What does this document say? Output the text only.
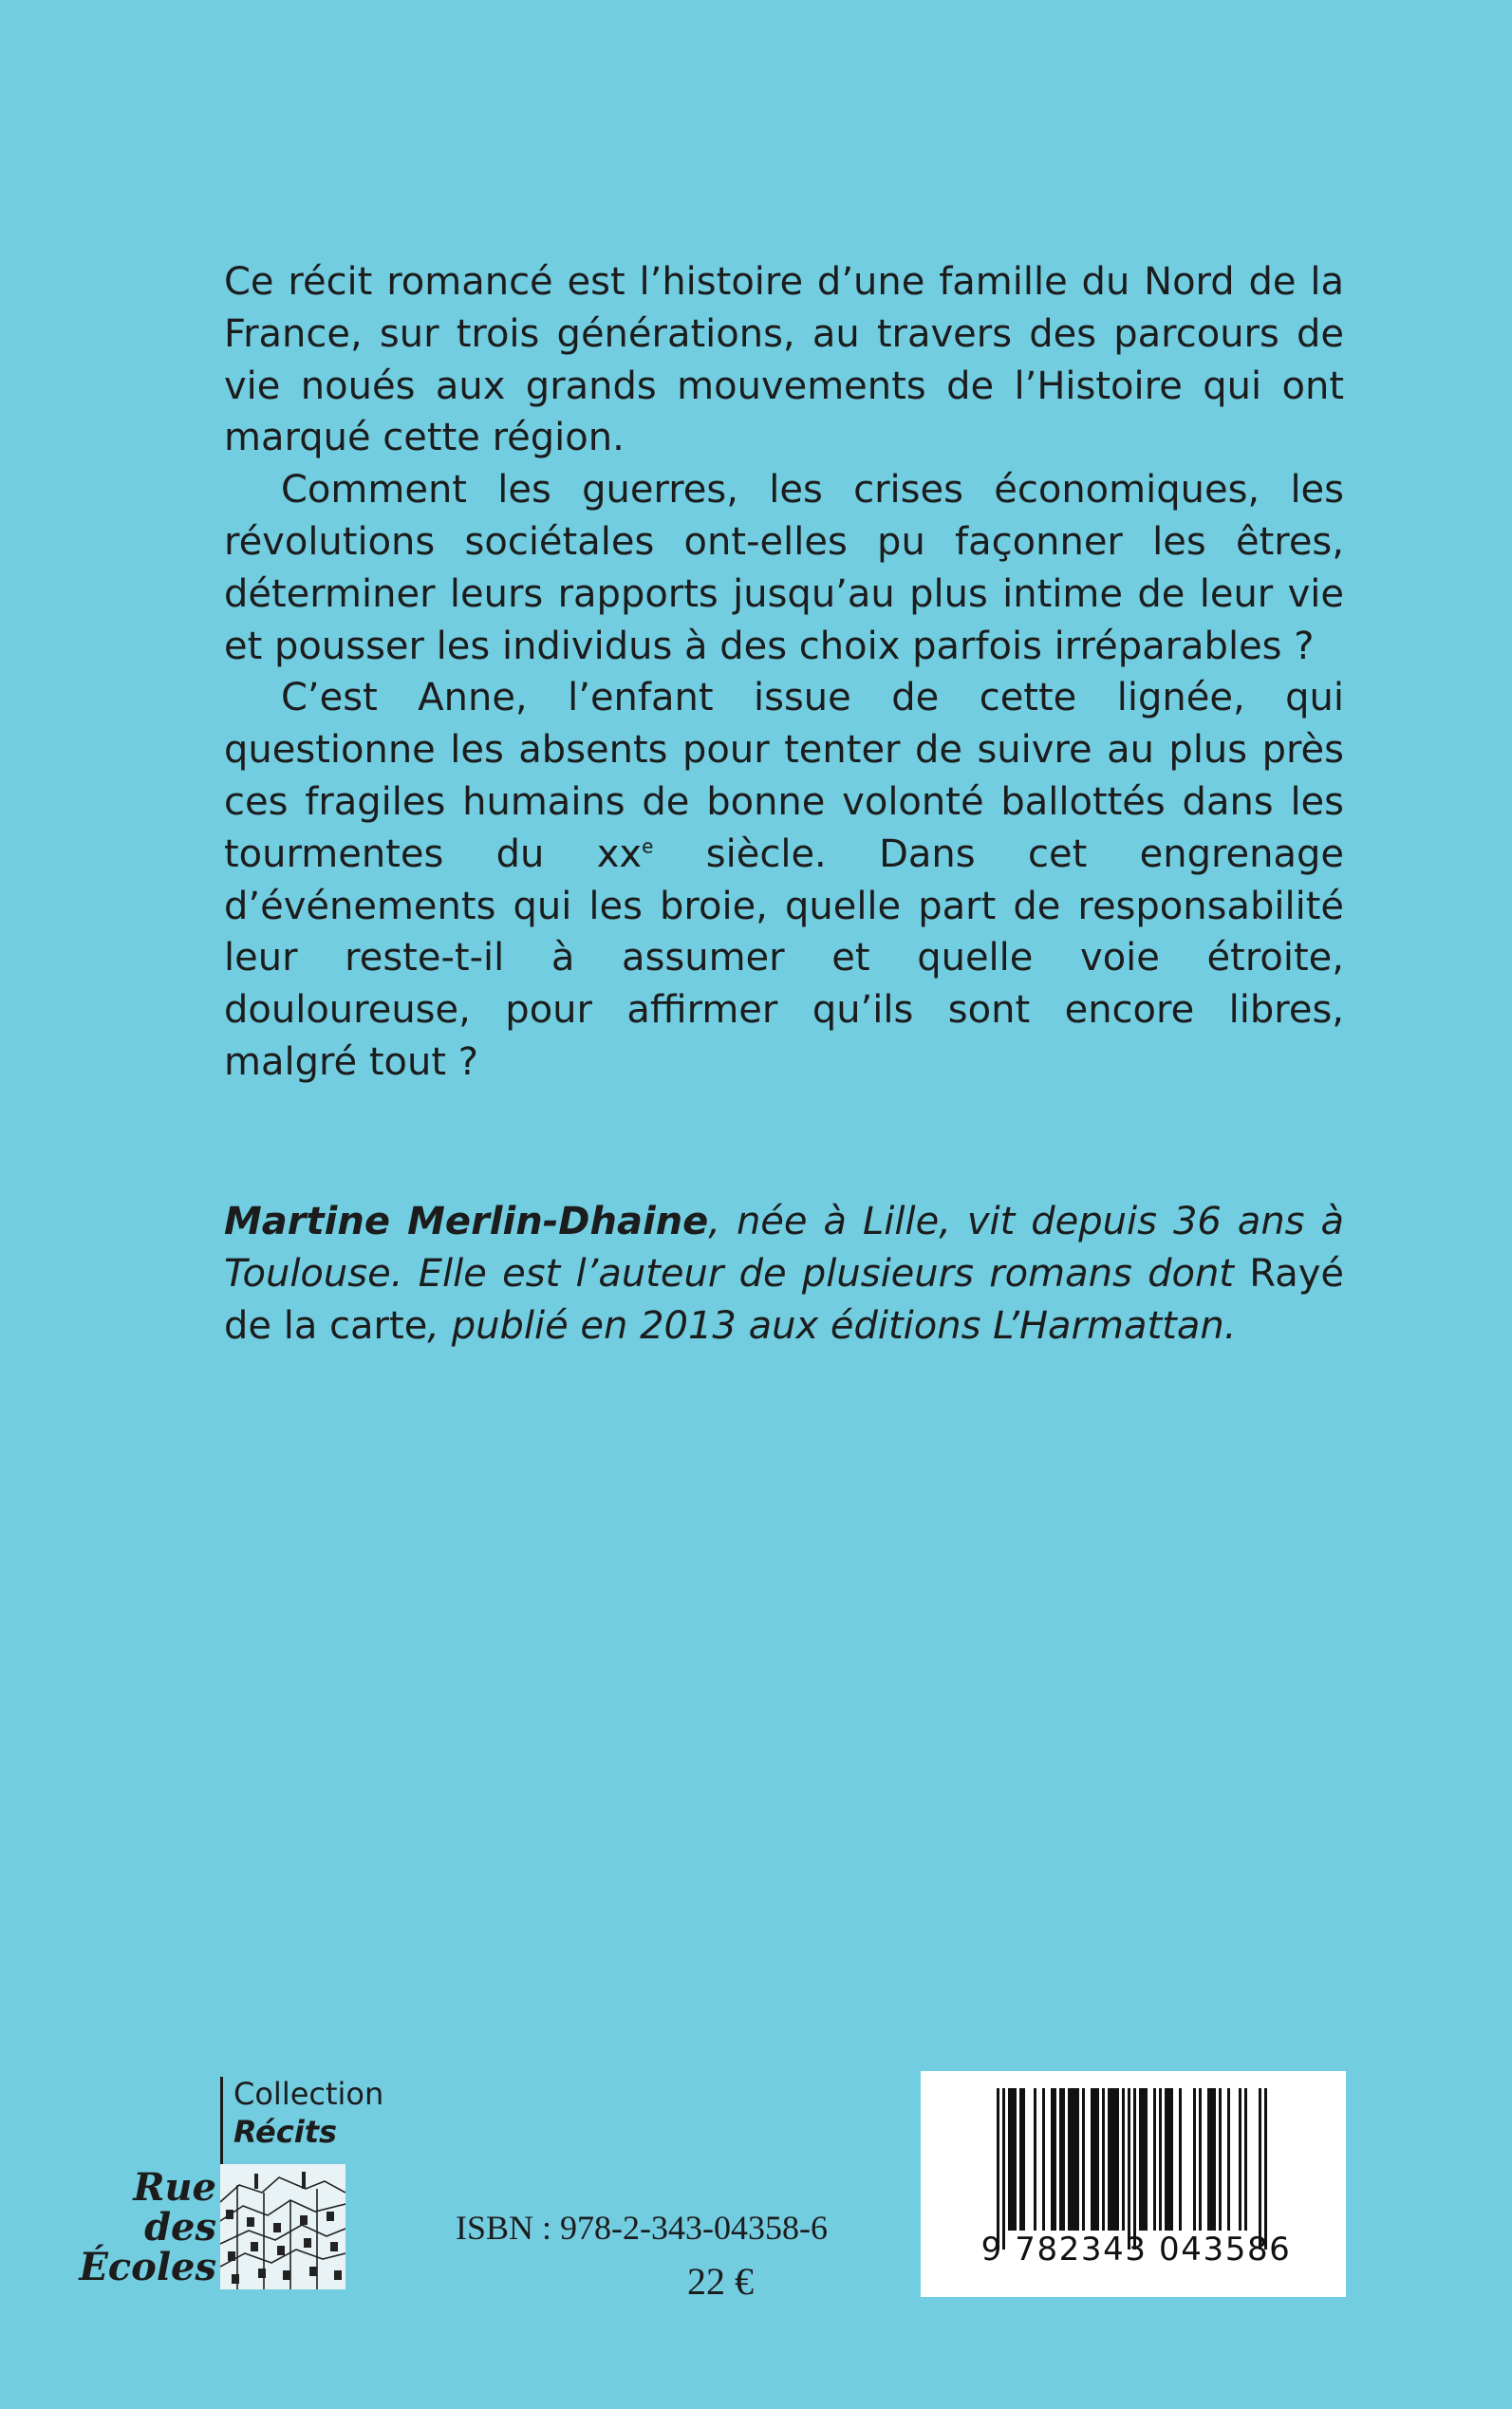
Ce récit romancé est l’histoire d’une famille du Nord de la France, sur trois générations, au travers des parcours de vie noués aux grands mouvements de l’Histoire qui ont marqué cette région.

Comment les guerres, les crises économiques, les révolutions sociétales ont-elles pu façonner les êtres, déterminer leurs rapports jusqu’au plus intime de leur vie et pousser les individus à des choix parfois irréparables ?

C’est Anne, l’enfant issue de cette lignée, qui questionne les absents pour tenter de suivre au plus près ces fragiles humains de bonne volonté ballottés dans les tourmentes du $xx^e$ siècle. Dans cet engrenage d’événements qui les broie, quelle part de responsabilité leur reste-t-il à assumer et quelle voie étroite, douloureuse, pour affirmer qu’ils sont encore libres, malgré tout ?

Martine Merlin-Dhaine, née à Lille, vit depuis 36 ans à Toulouse. Elle est l’auteur de plusieurs romans dont Rayé de la carte, publié en 2013 aux éditions L’Harmattan.
Collection
Récits
Rue
des
Écoles
ISBN : 978-2-343-04358-6
22 €
9 782343 043586
